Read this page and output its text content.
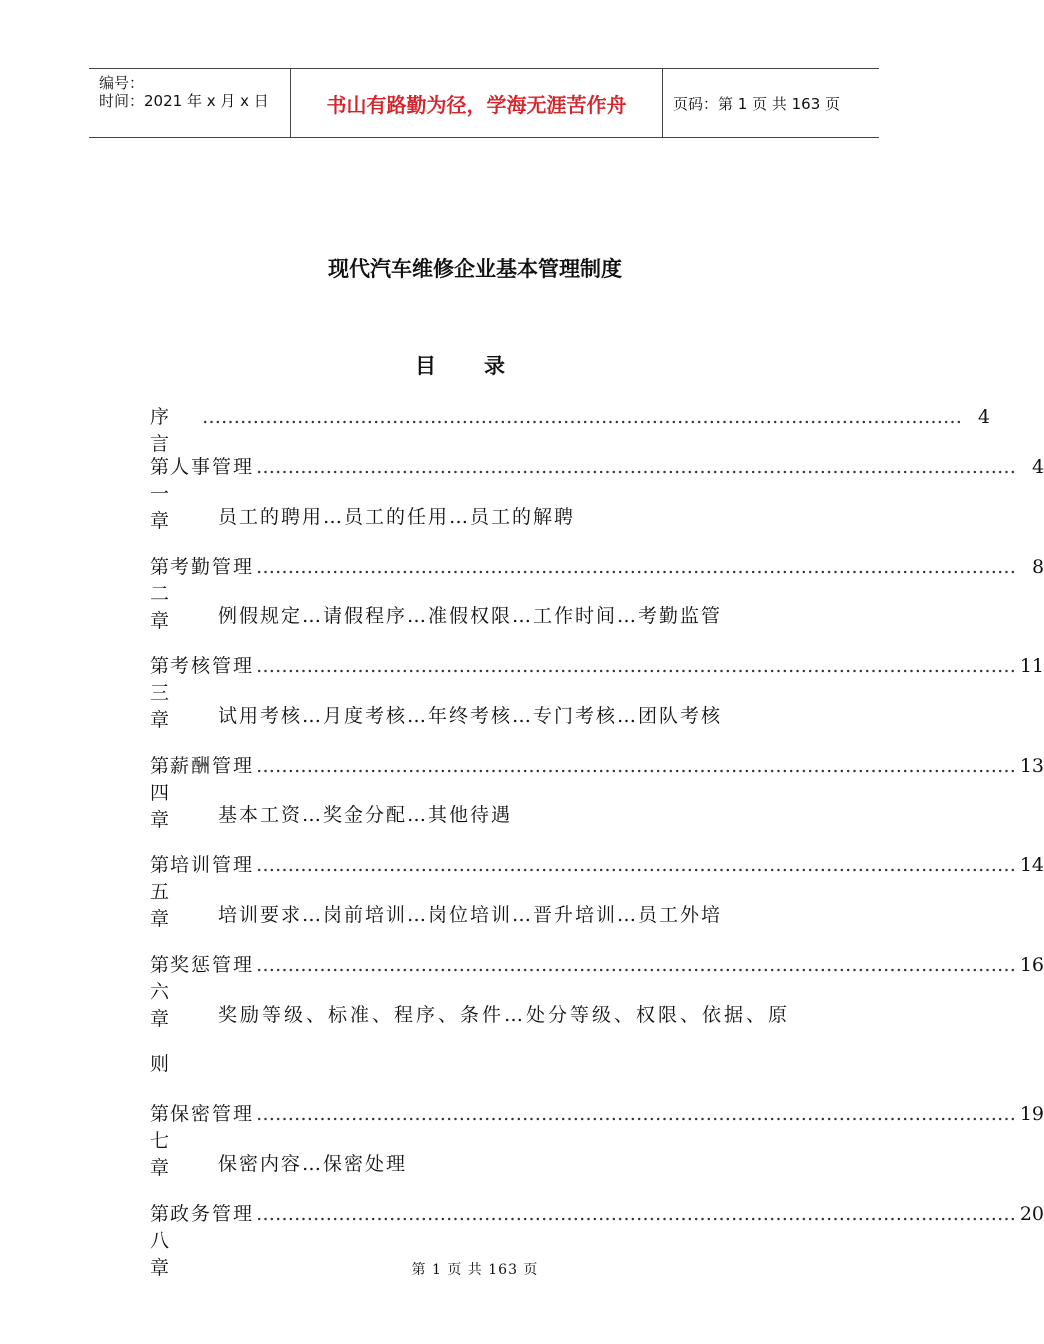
编号：
时间：2021 年 x 月 x 日	书山有路勤为径，学海无涯苦作舟	页码：第 1 页 共 163 页
现代汽车维修企业基本管理制度
目录
序　言
………………………………………………………………………………………………………… 4
第一章
人事管理 ………………………………………………………………………………………………………… 4
员工的聘用…员工的任用…员工的解聘
第二章
考勤管理 ………………………………………………………………………………………………………… 8
例假规定…请假程序…准假权限…工作时间…考勤监管
第三章
考核管理 ………………………………………………………………………………………………………… 11
试用考核…月度考核…年终考核…专门考核…团队考核
第四章
薪酬管理 ………………………………………………………………………………………………………… 13
基本工资…奖金分配…其他待遇
第五章
培训管理 ………………………………………………………………………………………………………… 14
培训要求…岗前培训…岗位培训…晋升培训…员工外培
第六章
奖惩管理 ………………………………………………………………………………………………………… 16
奖励等级、标准、程序、条件…处分等级、权限、依据、原
则
第七章
保密管理 ………………………………………………………………………………………………………… 19
保密内容…保密处理
第八章
政务管理 ………………………………………………………………………………………………………… 20
第 1 页 共 163 页
